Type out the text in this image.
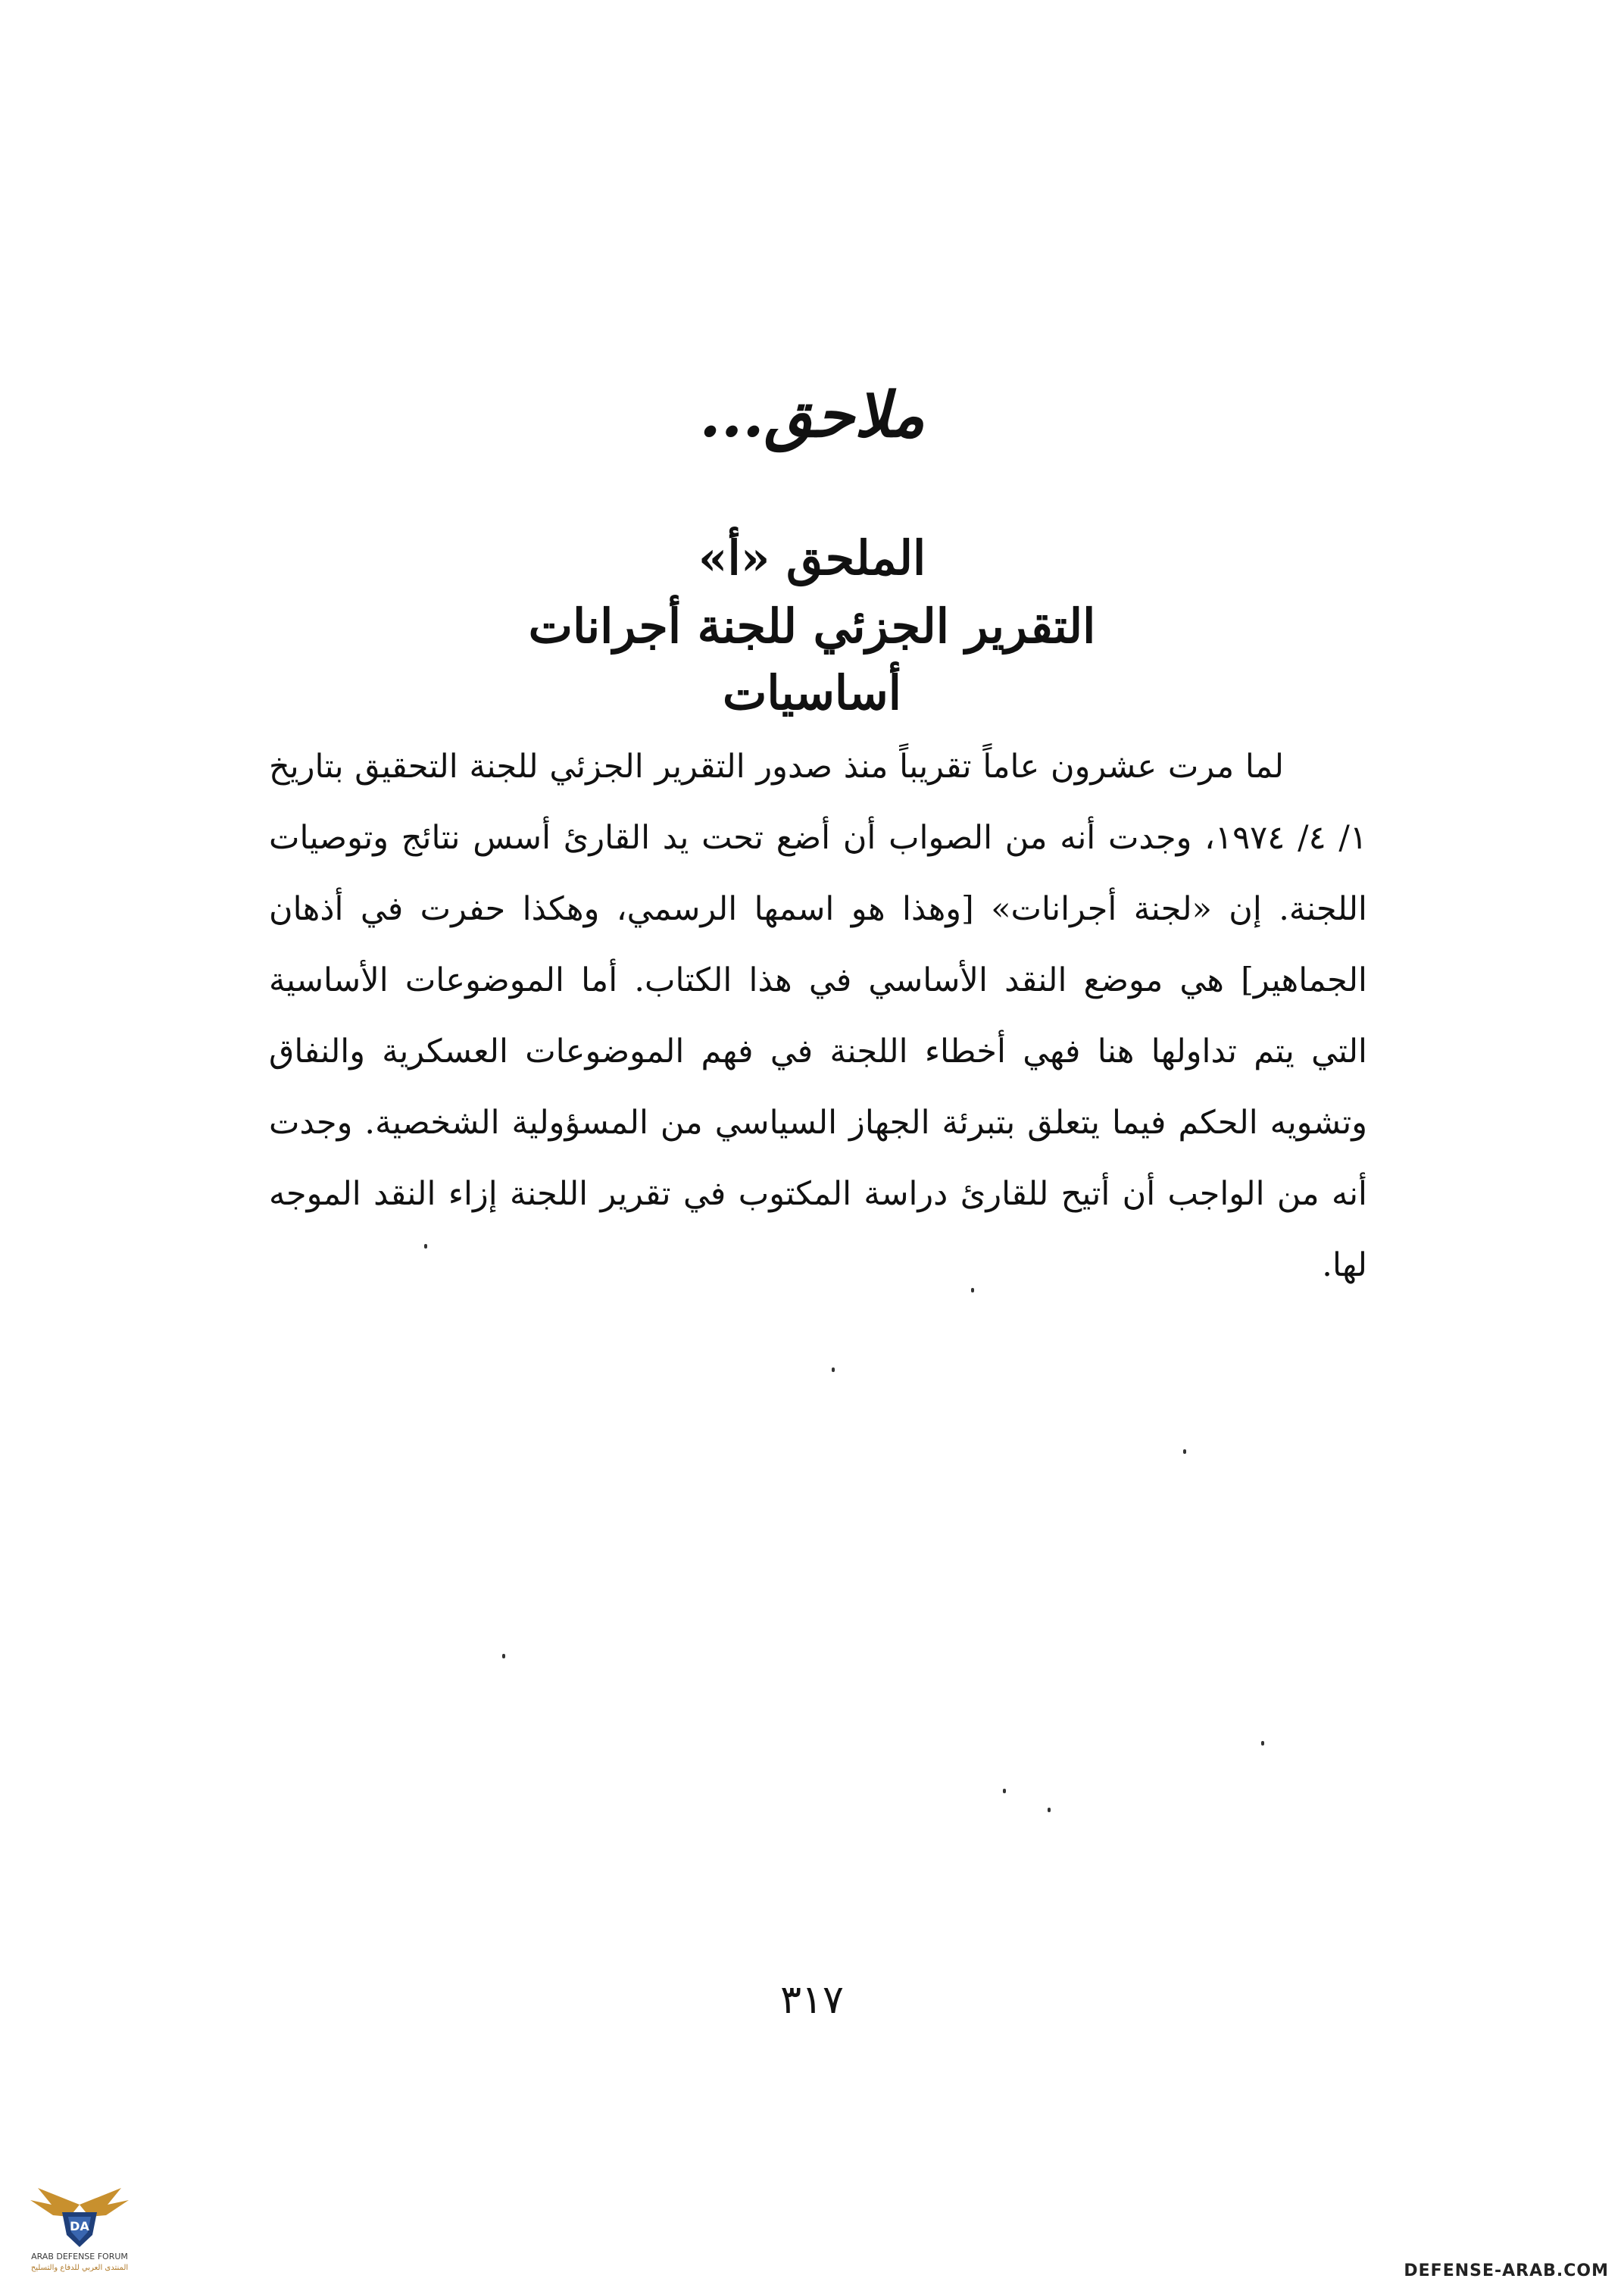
ملاحق...
الملحق «أ»
التقرير الجزئي للجنة أجرانات
أساسيات

لما مرت عشرون عاماً تقريباً منذ صدور التقرير الجزئي للجنة التحقيق بتاريخ ١/ ٤/ ١٩٧٤، وجدت أنه من الصواب أن أضع تحت يد القارئ أسس نتائج وتوصيات اللجنة. إن «لجنة أجرانات» [وهذا هو اسمها الرسمي، وهكذا حفرت في أذهان الجماهير] هي موضع النقد الأساسي في هذا الكتاب. أما الموضوعات الأساسية التي يتم تداولها هنا فهي أخطاء اللجنة في فهم الموضوعات العسكرية والنفاق وتشويه الحكم فيما يتعلق بتبرئة الجهاز السياسي من المسؤولية الشخصية. وجدت أنه من الواجب أن أتيح للقارئ دراسة المكتوب في تقرير اللجنة إزاء النقد الموجه لها.

٣١٧
DA
ARAB DEFENSE FORUM
المنتدى العربي للدفاع والتسليح	DEFENSE-ARAB.COM
